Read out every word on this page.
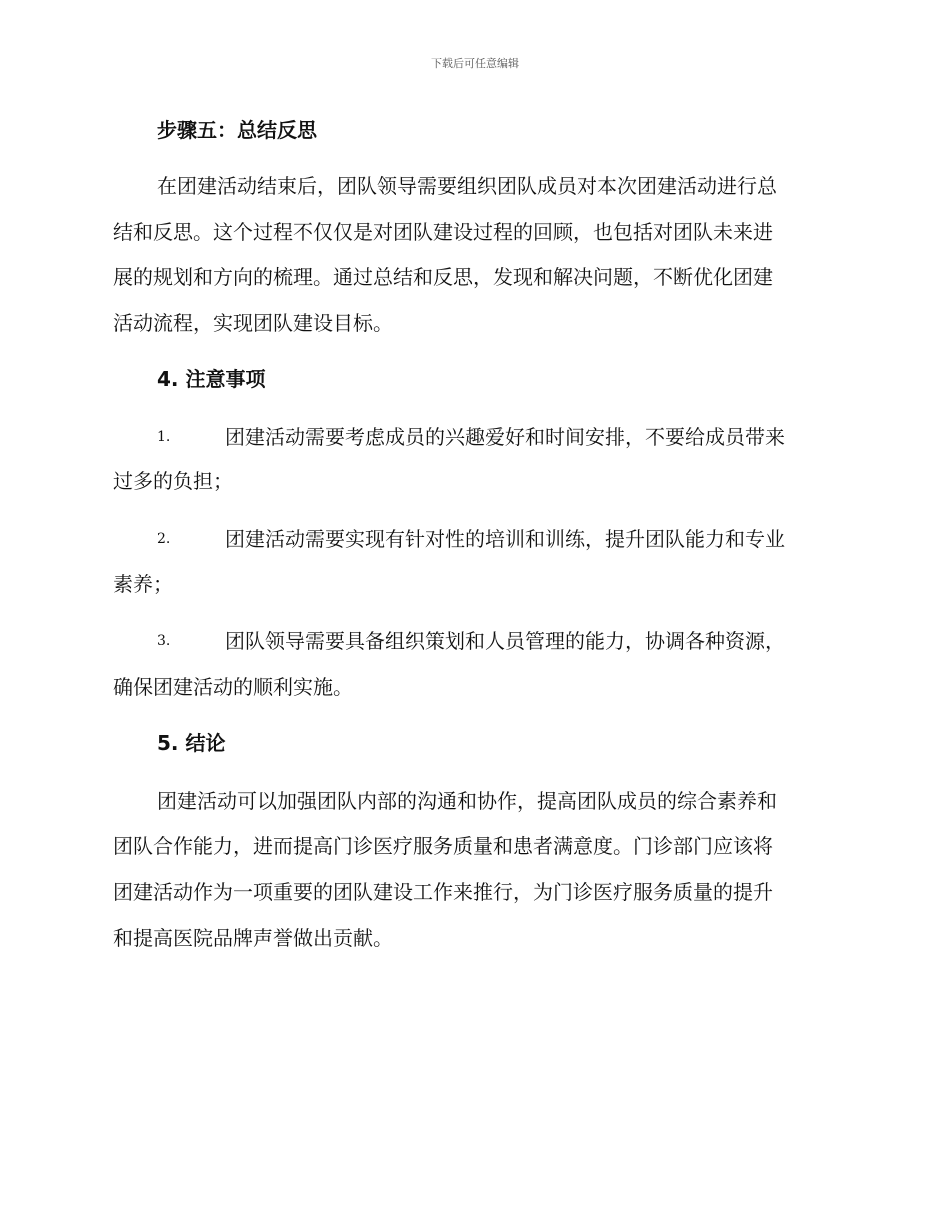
下载后可任意编辑
步骤五：总结反思
在团建活动结束后，团队领导需要组织团队成员对本次团建活动进行总
结和反思。这个过程不仅仅是对团队建设过程的回顾，也包括对团队未来进
展的规划和方向的梳理。通过总结和反思，发现和解决问题，不断优化团建
活动流程，实现团队建设目标。
4. 注意事项
1.	团建活动需要考虑成员的兴趣爱好和时间安排，不要给成员带来
过多的负担；
2.	团建活动需要实现有针对性的培训和训练，提升团队能力和专业
素养；
3.	团队领导需要具备组织策划和人员管理的能力，协调各种资源，
确保团建活动的顺利实施。
5. 结论
团建活动可以加强团队内部的沟通和协作，提高团队成员的综合素养和
团队合作能力，进而提高门诊医疗服务质量和患者满意度。门诊部门应该将
团建活动作为一项重要的团队建设工作来推行，为门诊医疗服务质量的提升
和提高医院品牌声誉做出贡献。
